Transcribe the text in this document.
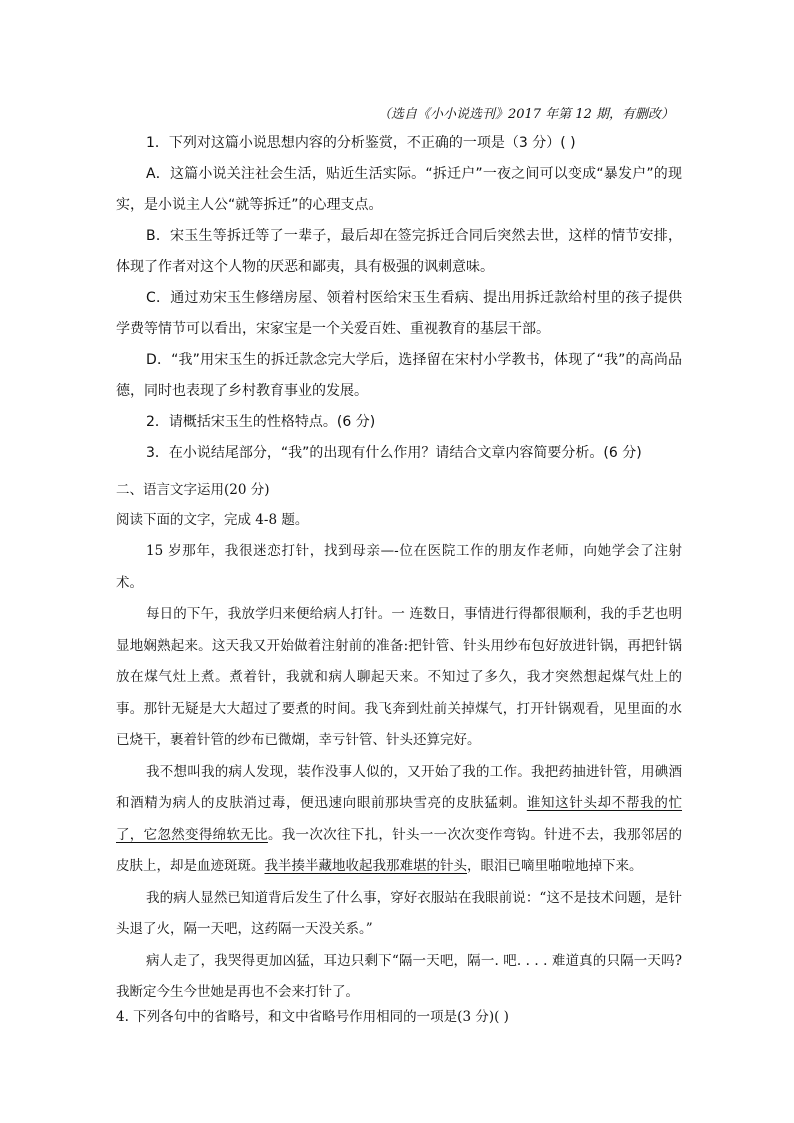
（选自《小小说选刊》2017 年第 12 期，有删改）

1．下列对这篇小说思想内容的分析鉴赏，不正确的一项是（3 分）( )

A．这篇小说关注社会生活，贴近生活实际。“拆迁户”一夜之间可以变成“暴发户”的现实，是小说主人公“就等拆迁”的心理支点。

B．宋玉生等拆迁等了一辈子，最后却在签完拆迁合同后突然去世，这样的情节安排，体现了作者对这个人物的厌恶和鄙夷，具有极强的讽刺意味。

C．通过劝宋玉生修缮房屋、领着村医给宋玉生看病、提出用拆迁款给村里的孩子提供学费等情节可以看出，宋家宝是一个关爱百姓、重视教育的基层干部。

D．“我”用宋玉生的拆迁款念完大学后，选择留在宋村小学教书，体现了“我”的高尚品德，同时也表现了乡村教育事业的发展。

2．请概括宋玉生的性格特点。(6 分)

3．在小说结尾部分，“我”的出现有什么作用？请结合文章内容简要分析。(6 分)

二、语言文字运用(20 分)
阅读下面的文字，完成 4-8 题。

15 岁那年，我很迷恋打针，找到母亲—-位在医院工作的朋友作老师，向她学会了注射术。

每日的下午，我放学归来便给病人打针。一 连数日，事情进行得都很顺利，我的手艺也明显地娴熟起来。这天我又开始做着注射前的准备:把针管、针头用纱布包好放进针锅，再把针锅放在煤气灶上煮。煮着针，我就和病人聊起天来。不知过了多久，我才突然想起煤气灶上的事。那针无疑是大大超过了要煮的时间。我飞奔到灶前关掉煤气，打开针锅观看，见里面的水已烧干，裹着针管的纱布已微煳，幸亏针管、针头还算完好。

我不想叫我的病人发现，装作没事人似的，又开始了我的工作。我把药抽进针管，用碘酒和酒精为病人的皮肤消过毒，便迅速向眼前那块雪亮的皮肤猛刺。谁知这针头却不帮我的忙了，它忽然变得绵软无比。我一次次往下扎，针头一一次次变作弯钩。针进不去，我那邻居的皮肤上，却是血迹斑斑。我半揍半藏地收起我那难堪的针头，眼泪已嘀里啪啦地掉下来。

我的病人显然已知道背后发生了什么事，穿好衣服站在我眼前说：“这不是技术问题，是针头退了火，隔一天吧，这药隔一天没关系。”

病人走了，我哭得更加凶猛，耳边只剩下“隔一天吧，隔一. 吧. . . . 难道真的只隔一天吗?我断定今生今世她是再也不会来打针了。

4. 下列各句中的省略号，和文中省略号作用相同的一项是(3 分)( )
